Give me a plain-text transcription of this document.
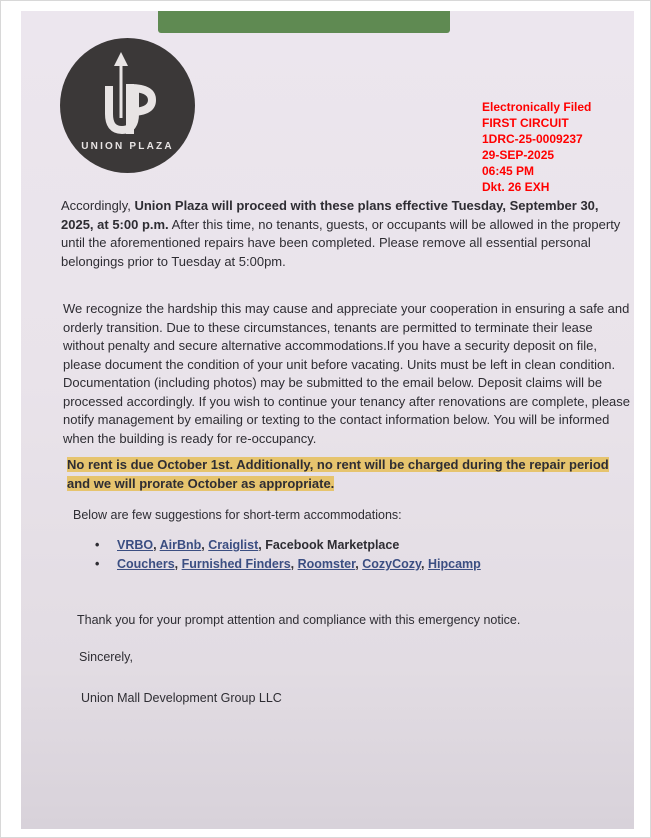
UNION PLAZA
Electronically Filed
FIRST CIRCUIT
1DRC-25-0009237
29-SEP-2025
06:45 PM
Dkt. 26 EXH

Accordingly, Union Plaza will proceed with these plans effective Tuesday, September 30, 2025, at 5:00 p.m. After this time, no tenants, guests, or occupants will be allowed in the property until the aforementioned repairs have been completed. Please remove all essential personal belongings prior to Tuesday at 5:00pm.

We recognize the hardship this may cause and appreciate your cooperation in ensuring a safe and orderly transition. Due to these circumstances, tenants are permitted to terminate their lease without penalty and secure alternative accommodations.If you have a security deposit on file, please document the condition of your unit before vacating. Units must be left in clean condition. Documentation (including photos) may be submitted to the email below. Deposit claims will be processed accordingly. If you wish to continue your tenancy after renovations are complete, please notify management by emailing or texting to the contact information below. You will be informed when the building is ready for re-occupancy.

No rent is due October 1st. Additionally, no rent will be charged during the repair period and we will prorate October as appropriate.

Below are few suggestions for short-term accommodations:

• VRBO, AirBnb, Craiglist, Facebook Marketplace
• Couchers, Furnished Finders, Roomster, CozyCozy, Hipcamp

Thank you for your prompt attention and compliance with this emergency notice.

Sincerely,

Union Mall Development Group LLC
